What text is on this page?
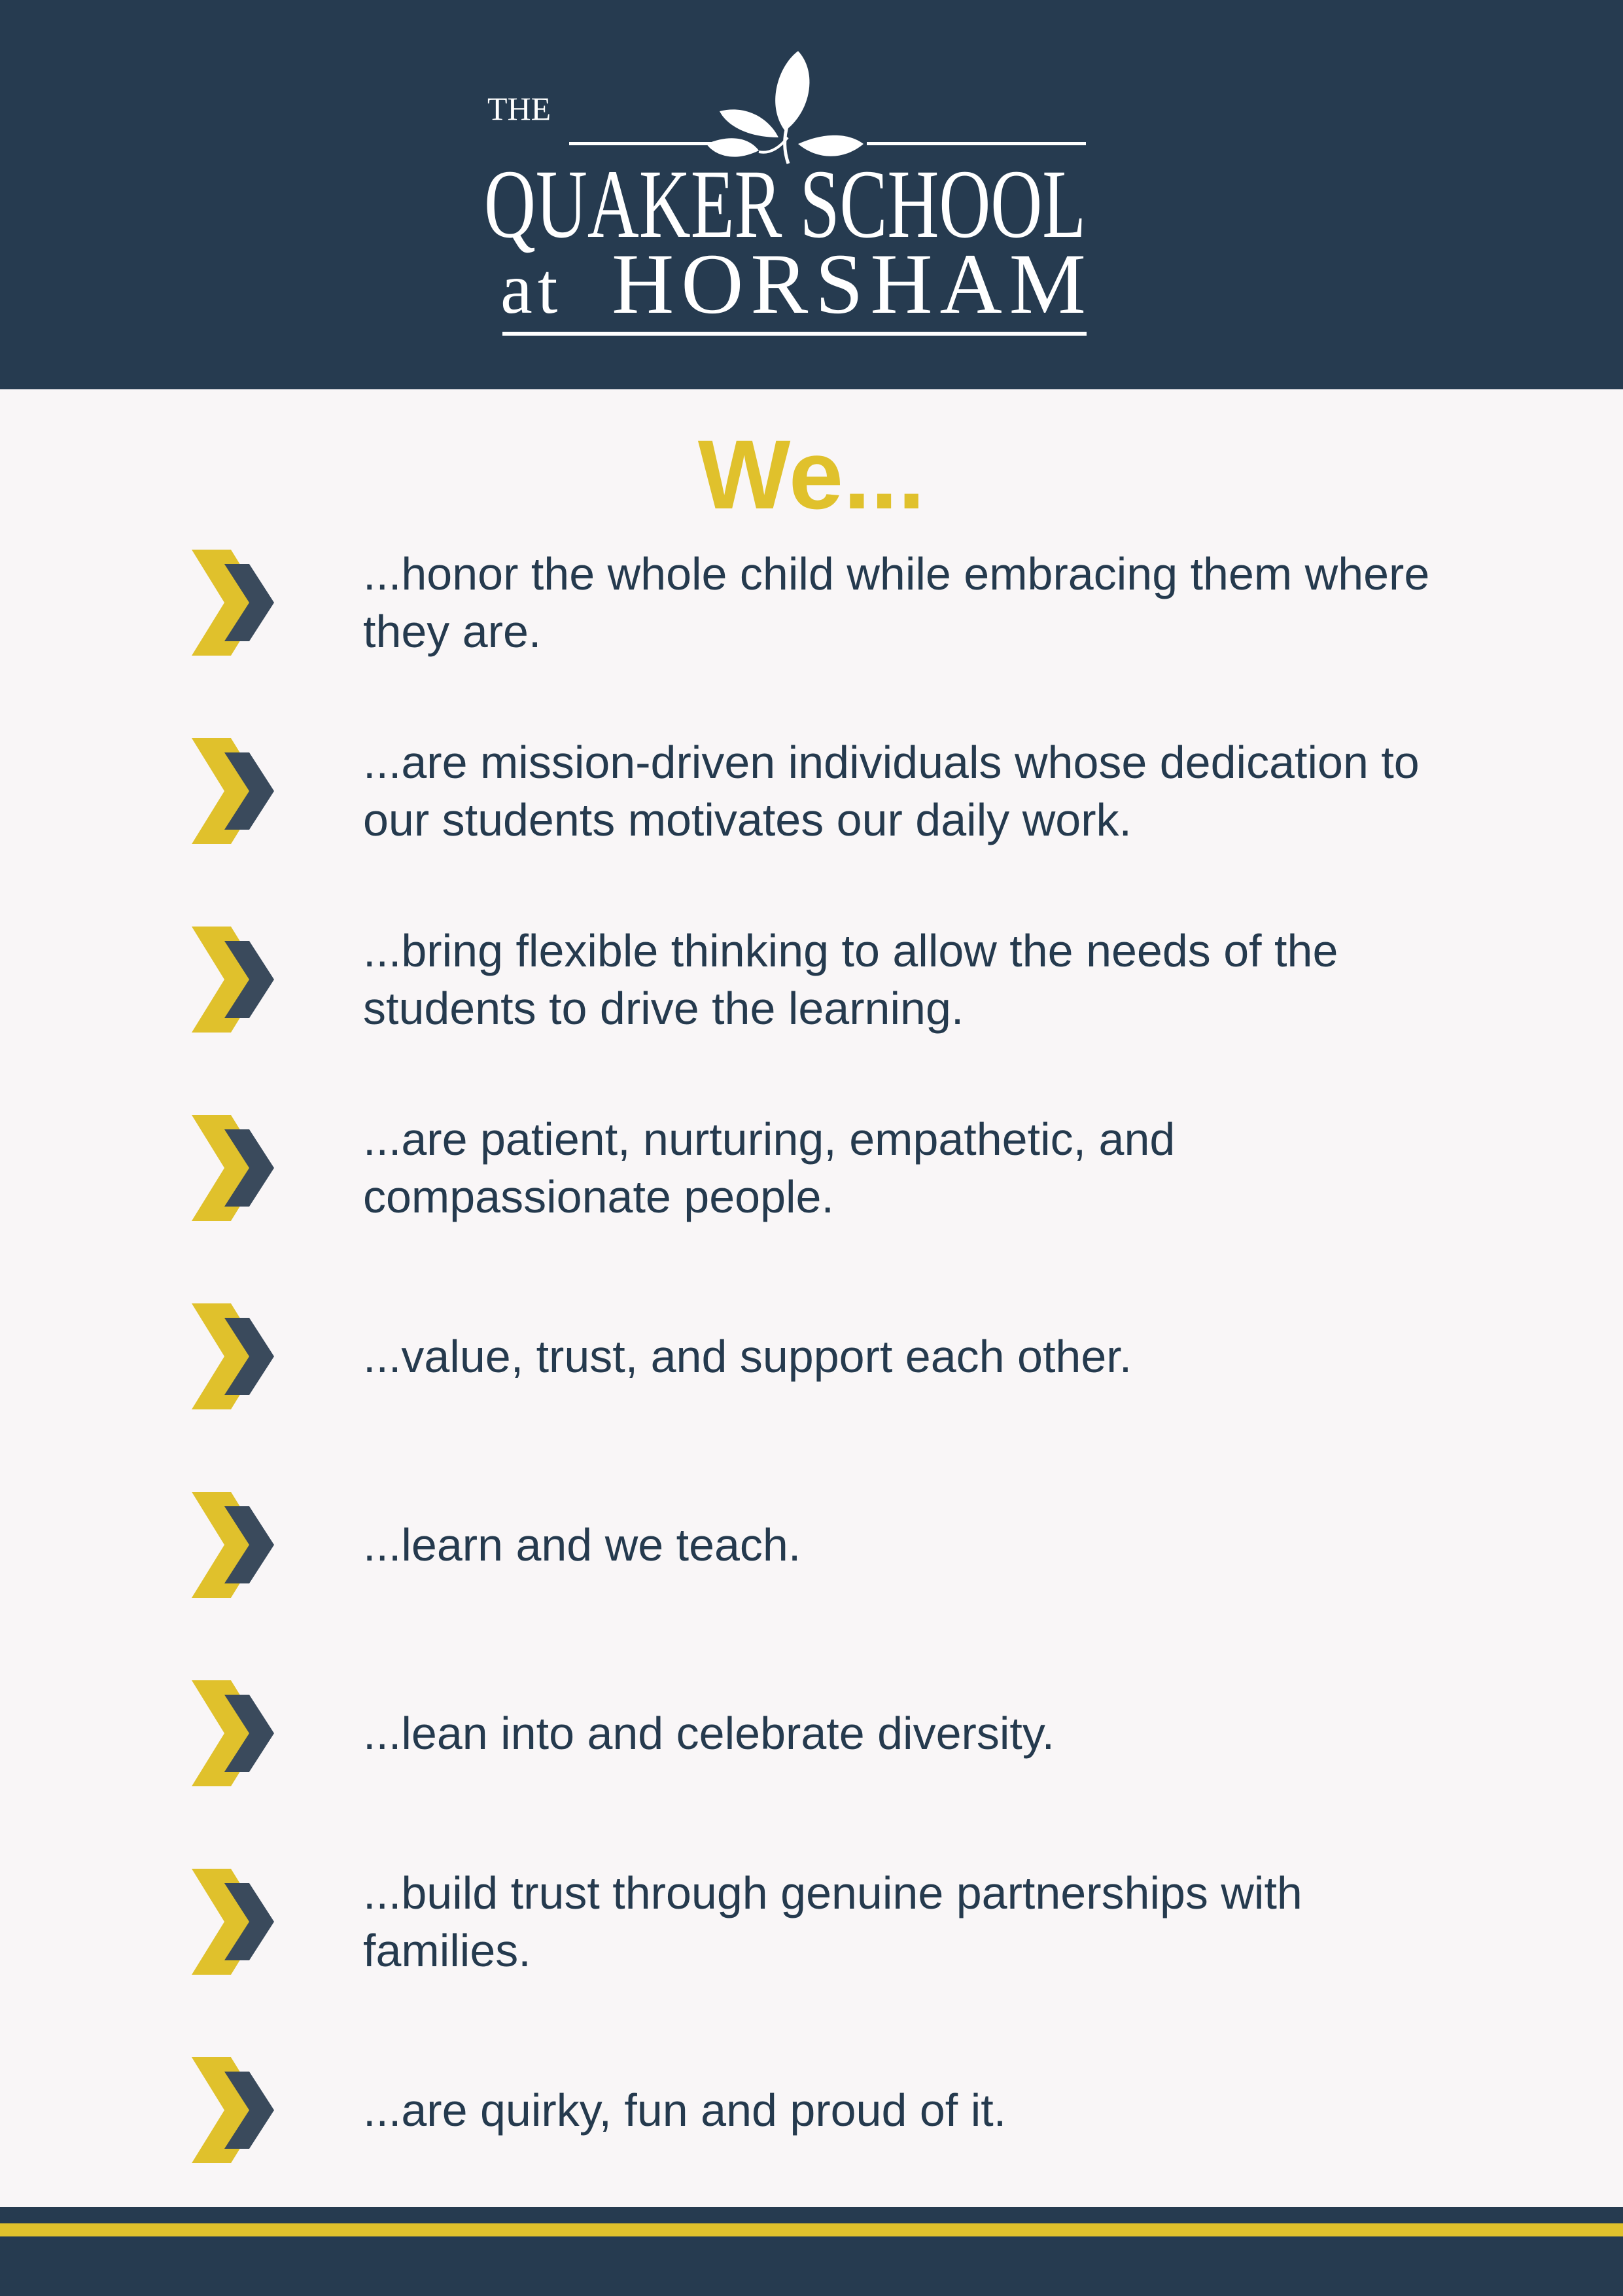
THE
QUAKER SCHOOL
at HORSHAM
We...
...honor the whole child while embracing them where they are.
...are mission-driven individuals whose dedication to our students motivates our daily work.
...bring flexible thinking to allow the needs of the students to drive the learning.
...are patient, nurturing, empathetic, and compassionate people.
...value, trust, and support each other.
...learn and we teach.
...lean into and celebrate diversity.
...build trust through genuine partnerships with families.
...are quirky, fun and proud of it.
